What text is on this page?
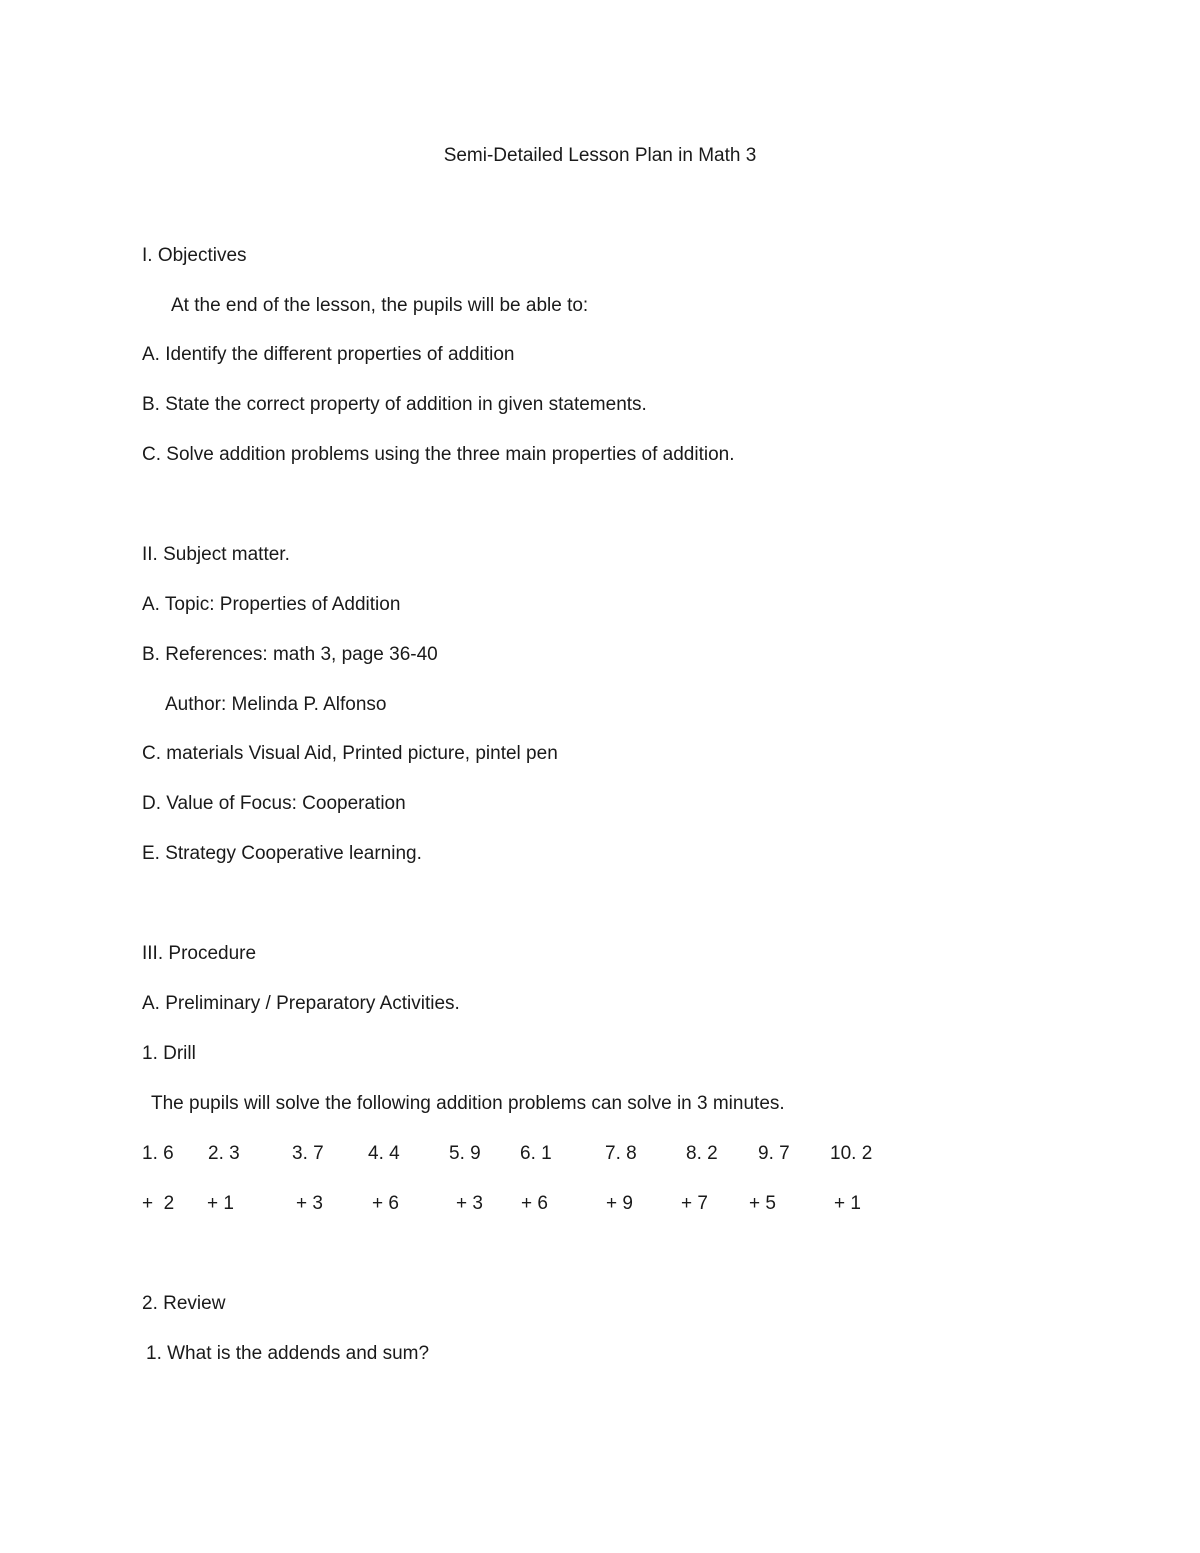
Semi-Detailed Lesson Plan in Math 3
I. Objectives
At the end of the lesson, the pupils will be able to:
A. Identify the different properties of addition
B. State the correct property of addition in given statements.
C. Solve addition problems using the three main properties of addition.
II. Subject matter.
A. Topic: Properties of Addition
B. References: math 3, page 36-40
Author: Melinda P. Alfonso
C. materials Visual Aid, Printed picture, pintel pen
D. Value of Focus: Cooperation
E. Strategy Cooperative learning.
III. Procedure
A. Preliminary / Preparatory Activities.
1. Drill
The pupils will solve the following addition problems can solve in 3 minutes.
1. 6 2. 3	3. 7 4. 4	5. 9 6. 1	7. 8	8. 2 9. 7 10. 2
+  2 + 1	+ 3	+ 6	+ 3 + 6	+ 9	+ 7 + 5	+ 1
2. Review
1. What is the addends and sum?
